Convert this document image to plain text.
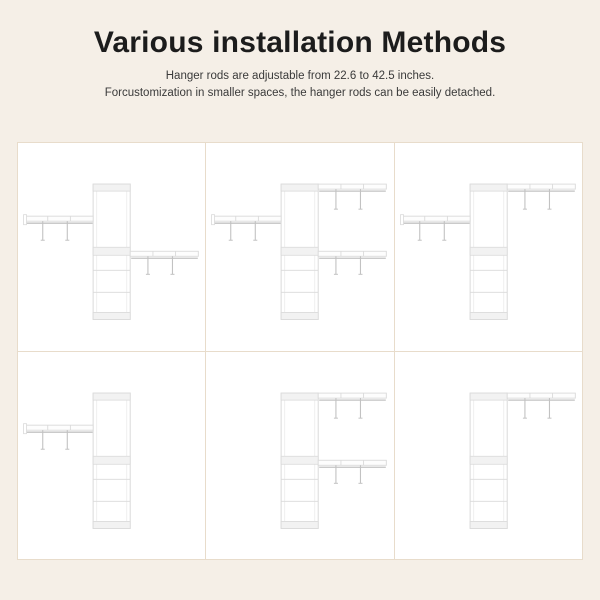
Various installation Methods

Hanger rods are adjustable from 22.6 to 42.5 inches.

Forcustomization in smaller spaces, the hanger rods can be easily detached.
